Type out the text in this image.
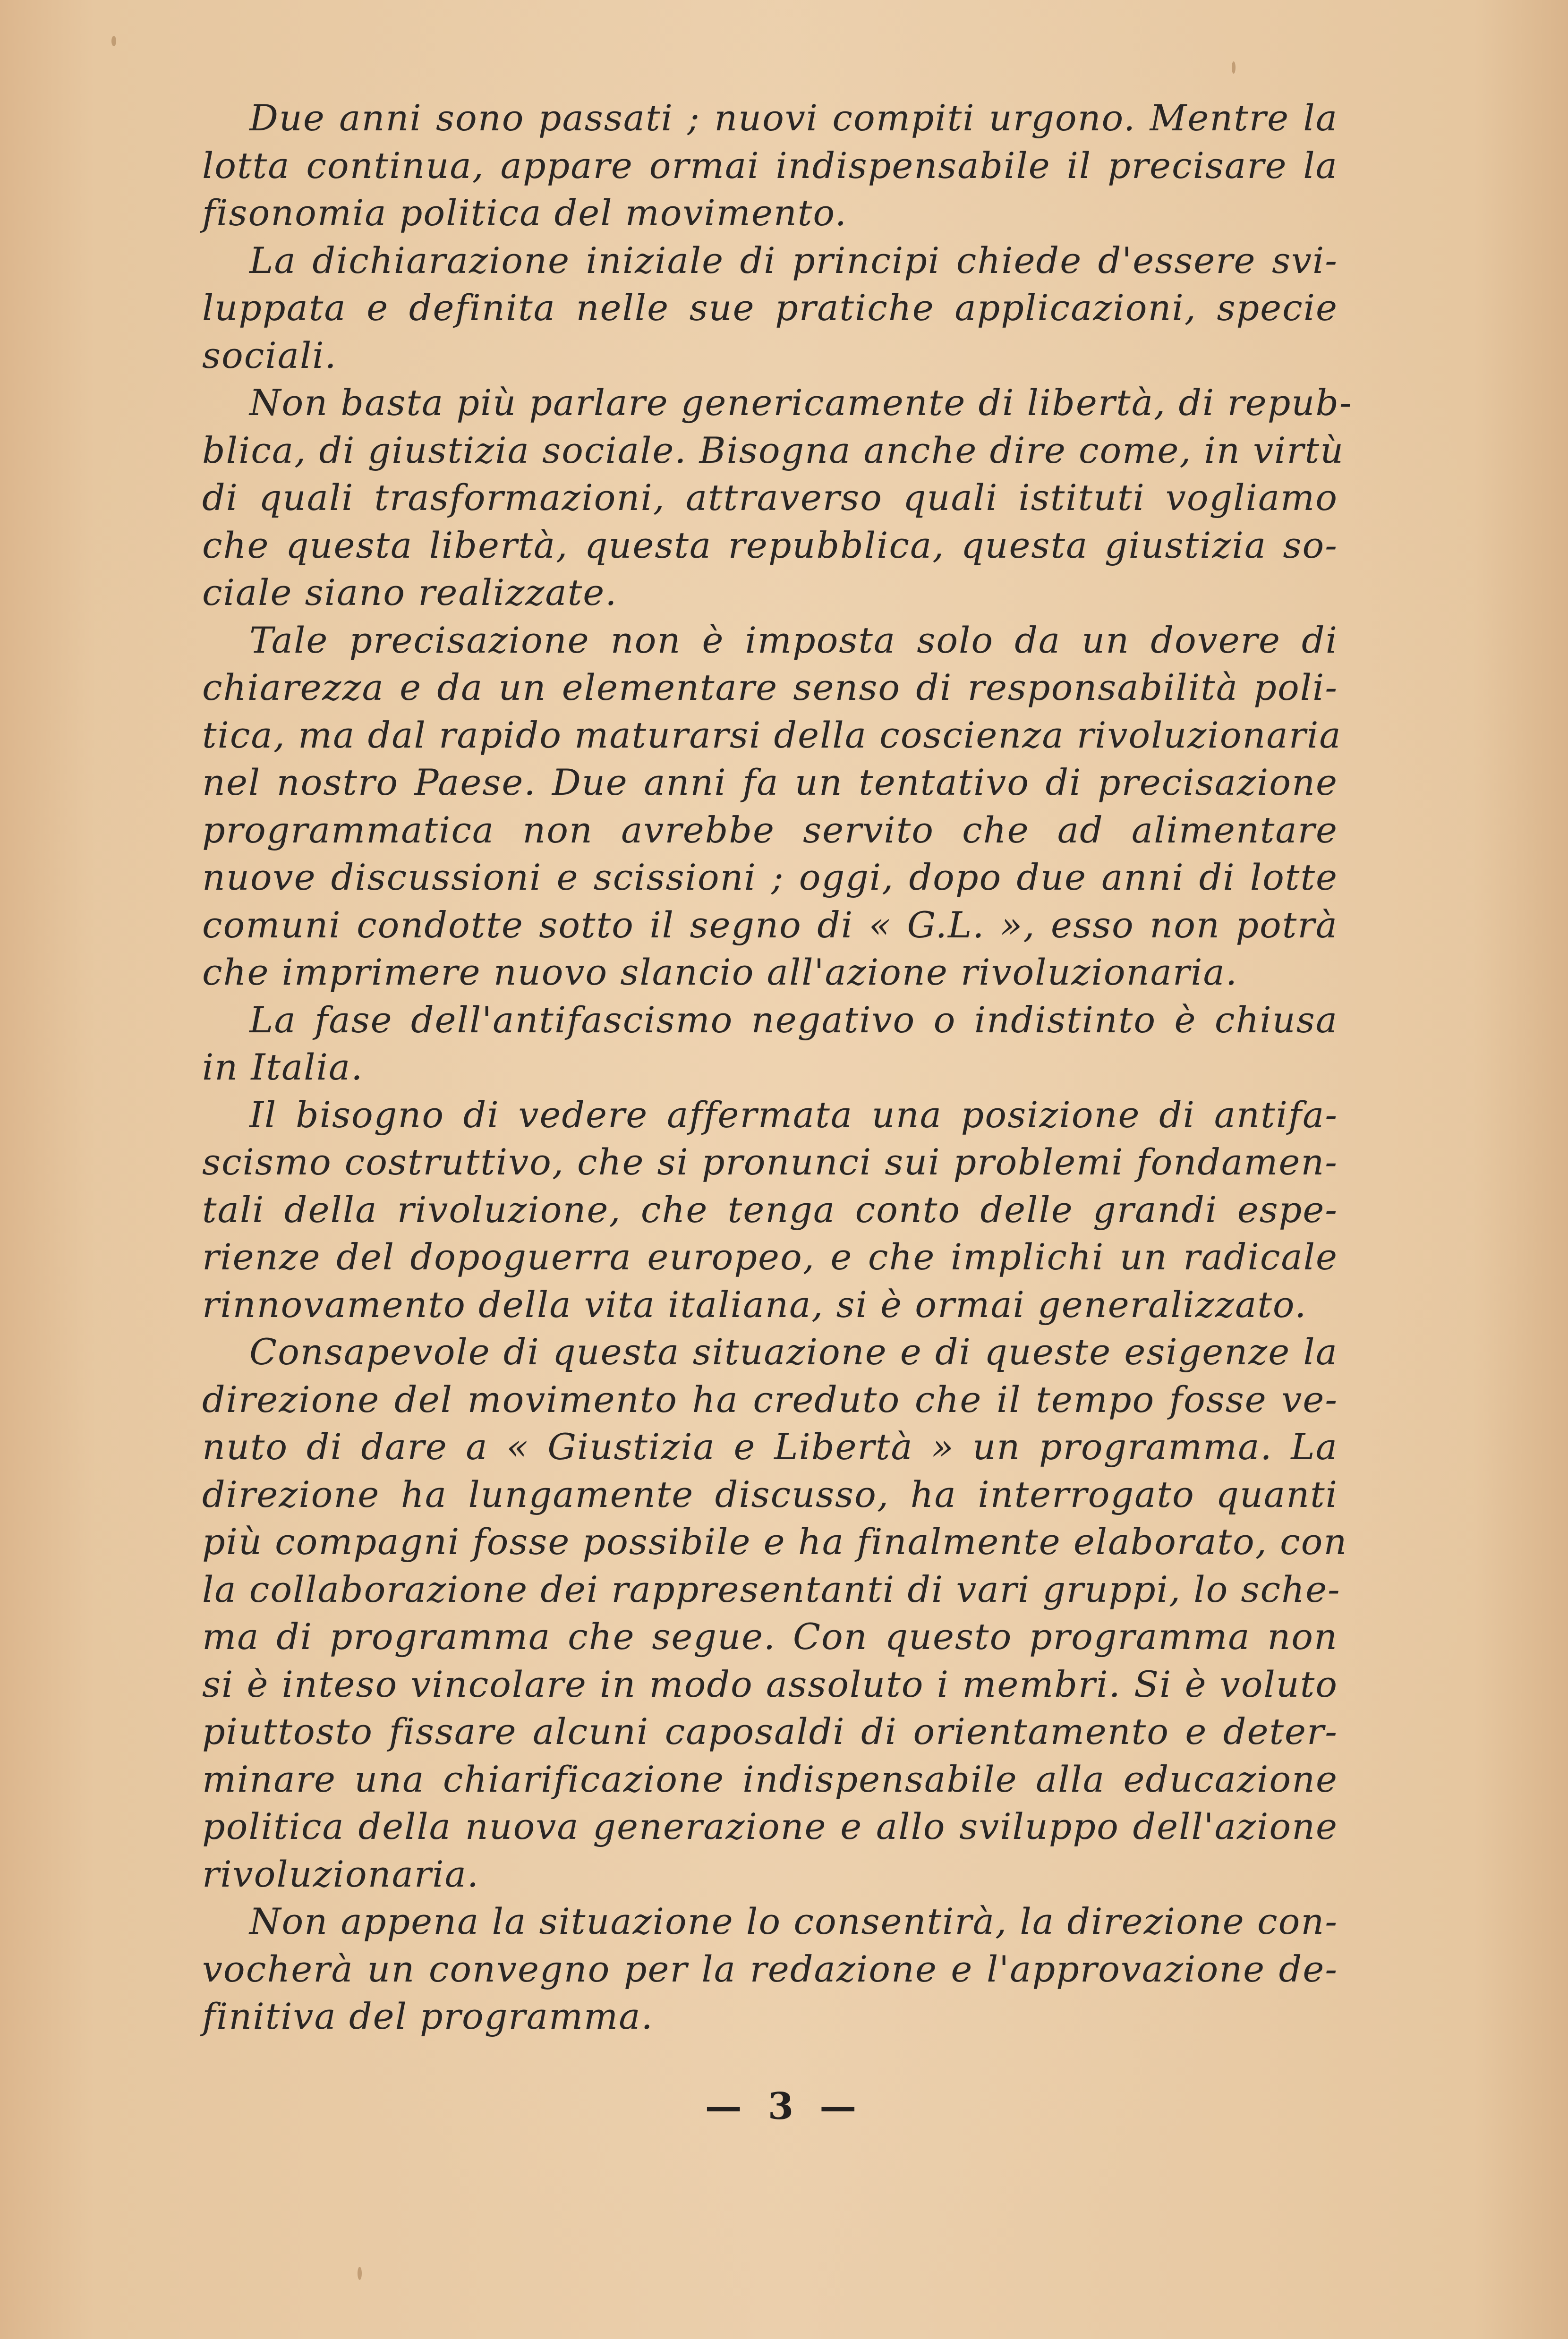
Due anni sono passati ; nuovi compiti urgono. Mentre la
lotta continua, appare ormai indispensabile il precisare la
fisonomia politica del movimento.
La dichiarazione iniziale di principi chiede d'essere svi-
luppata e definita nelle sue pratiche applicazioni, specie
sociali.
Non basta più parlare genericamente di libertà, di repub-
blica, di giustizia sociale. Bisogna anche dire come, in virtù
di quali trasformazioni, attraverso quali istituti vogliamo
che questa libertà, questa repubblica, questa giustizia so-
ciale siano realizzate.
Tale precisazione non è imposta solo da un dovere di
chiarezza e da un elementare senso di responsabilità poli-
tica, ma dal rapido maturarsi della coscienza rivoluzionaria
nel nostro Paese. Due anni fa un tentativo di precisazione
programmatica non avrebbe servito che ad alimentare
nuove discussioni e scissioni ; oggi, dopo due anni di lotte
comuni condotte sotto il segno di « G.L. », esso non potrà
che imprimere nuovo slancio all'azione rivoluzionaria.
La fase dell'antifascismo negativo o indistinto è chiusa
in Italia.
Il bisogno di vedere affermata una posizione di antifa-
scismo costruttivo, che si pronunci sui problemi fondamen-
tali della rivoluzione, che tenga conto delle grandi espe-
rienze del dopoguerra europeo, e che implichi un radicale
rinnovamento della vita italiana, si è ormai generalizzato.
Consapevole di questa situazione e di queste esigenze la
direzione del movimento ha creduto che il tempo fosse ve-
nuto di dare a « Giustizia e Libertà » un programma. La
direzione ha lungamente discusso, ha interrogato quanti
più compagni fosse possibile e ha finalmente elaborato, con
la collaborazione dei rappresentanti di vari gruppi, lo sche-
ma di programma che segue. Con questo programma non
si è inteso vincolare in modo assoluto i membri. Si è voluto
piuttosto fissare alcuni caposaldi di orientamento e deter-
minare una chiarificazione indispensabile alla educazione
politica della nuova generazione e allo sviluppo dell'azione
rivoluzionaria.
Non appena la situazione lo consentirà, la direzione con-
vocherà un convegno per la redazione e l'approvazione de-
finitiva del programma.
— 3 —
